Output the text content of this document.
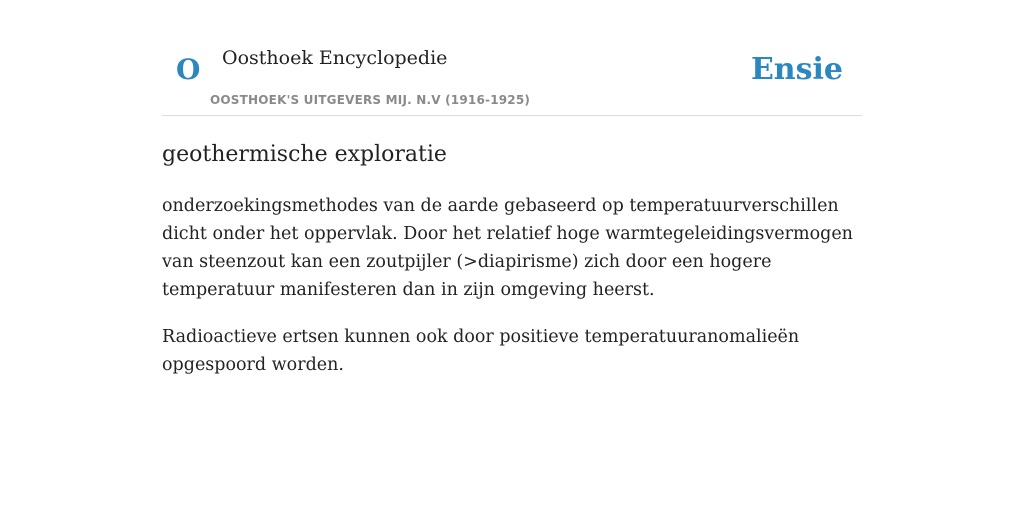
O Oosthoek Encyclopedie
OOSTHOEK'S UITGEVERS MIJ. N.V (1916-1925)
Ensie
geothermische exploratie

onderzoekingsmethodes van de aarde gebaseerd op temperatuurverschillen dicht onder het oppervlak. Door het relatief hoge warmtegeleidingsvermogen van steenzout kan een zoutpijler (>diapirisme) zich door een hogere temperatuur manifesteren dan in zijn omgeving heerst.

Radioactieve ertsen kunnen ook door positieve temperatuuranomalieën opgespoord worden.
